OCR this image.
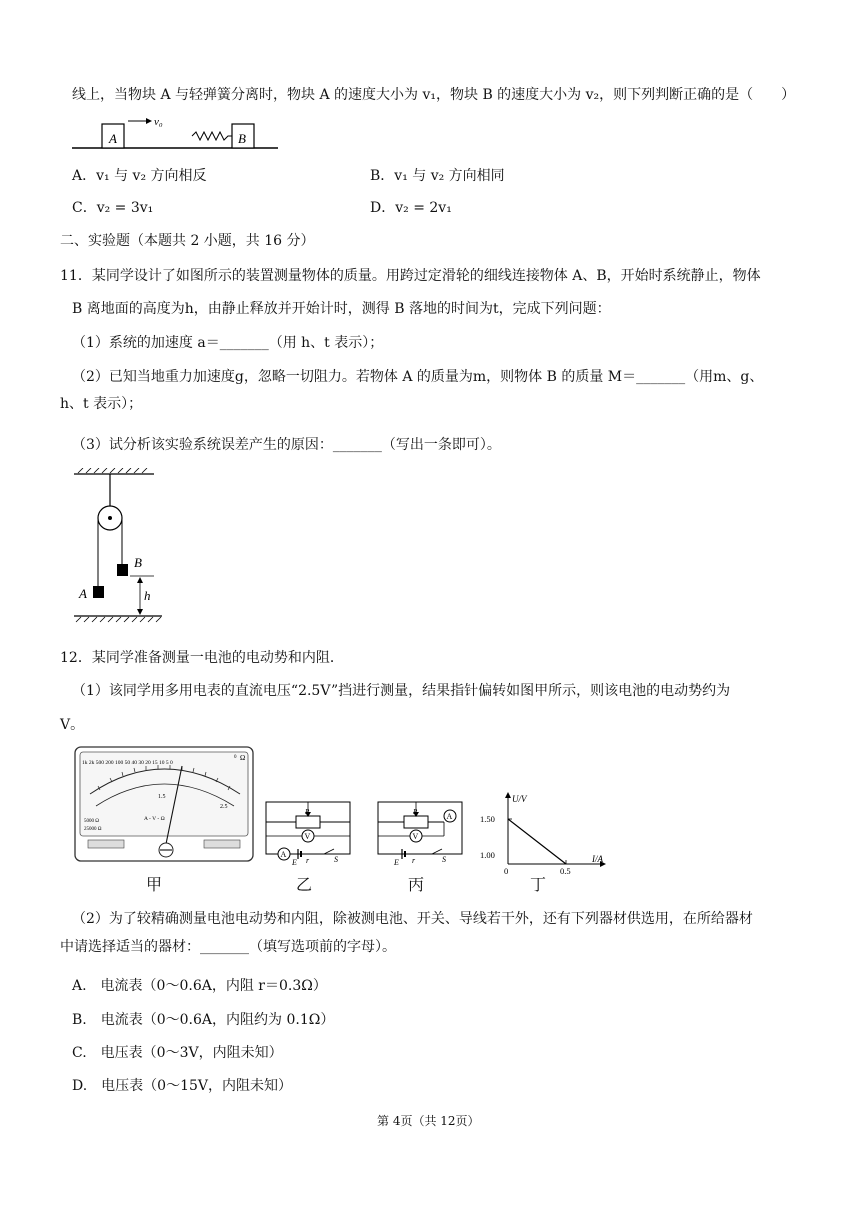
线上，当物块 A 与轻弹簧分离时，物块 A 的速度大小为 v₁，物块 B 的速度大小为 v₂，则下列判断正确的是（　　）
A
v₀
B
A．v₁ 与 v₂ 方向相反	B．v₁ 与 v₂ 方向相同
C．v₂ = 3v₁	D．v₂ = 2v₁
二、实验题（本题共 2 小题，共 16 分）
11．某同学设计了如图所示的装置测量物体的质量。用跨过定滑轮的细线连接物体 A、B，开始时系统静止，物体
B 离地面的高度为h，由静止释放并开始计时，测得 B 落地的时间为t，完成下列问题：
（1）系统的加速度 a＝_______（用 h、t 表示）；
（2）已知当地重力加速度g，忽略一切阻力。若物体 A 的质量为m，则物体 B 的质量 M＝_______（用m、g、
h、t 表示）；
（3）试分析该实验系统误差产生的原因：_______（写出一条即可）。
A
B
h
12．某同学准备测量一电池的电动势和内阻．
（1）该同学用多用电表的直流电压“2.5V”挡进行测量，结果指针偏转如图甲所示，则该电池的电动势约为
V。
1k 2k 500 200 100 50 40 30 20 15 10 5 0
Ω
1.5
2.5
A - V - Ω
5000 Ω
25000 Ω
0
P
V
A
E r	S
P	A
V
E r	S
U/V
I/A
1.50
1.00
0	0.5
甲	乙	丙	丁
（2）为了较精确测量电池电动势和内阻，除被测电池、开关、导线若干外，还有下列器材供选用，在所给器材
中请选择适当的器材：_______（填写选项前的字母）。
A.　电流表（0～0.6A，内阻 r＝0.3Ω）
B.　电流表（0～0.6A，内阻约为 0.1Ω）
C.　电压表（0～3V，内阻未知）
D.　电压表（0～15V，内阻未知）
第 4页（共 12页）
